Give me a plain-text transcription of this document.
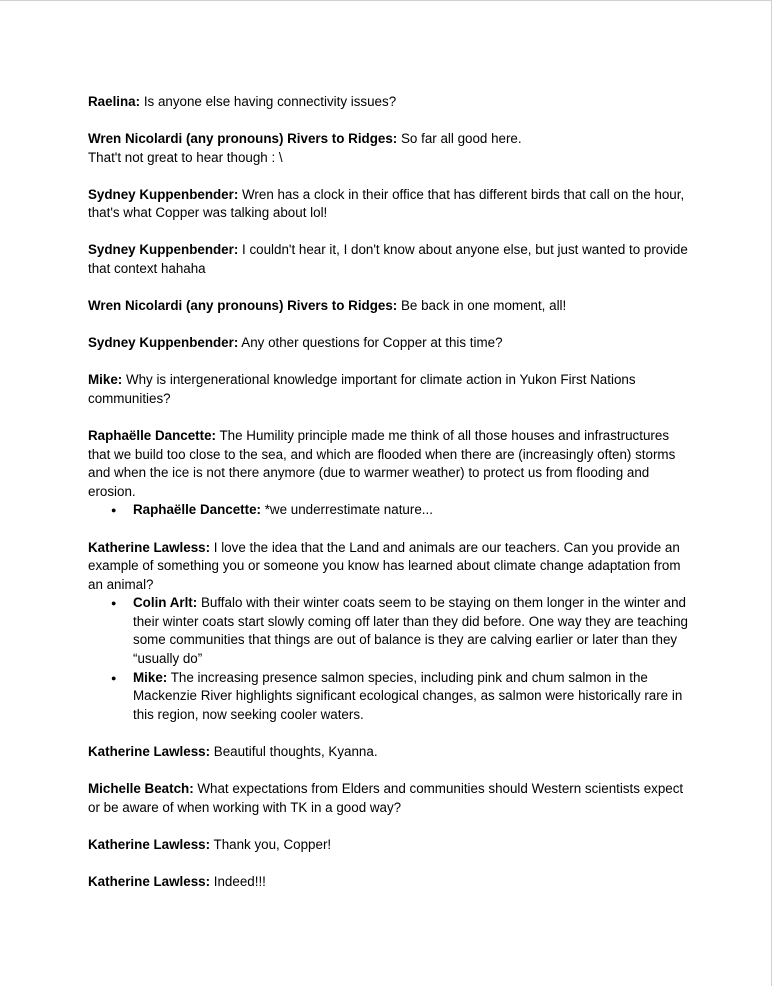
Raelina: Is anyone else having connectivity issues?

Wren Nicolardi (any pronouns) Rivers to Ridges: So far all good here.
That't not great to hear though : \

Sydney Kuppenbender: Wren has a clock in their office that has different birds that call on the hour, that's what Copper was talking about lol!

Sydney Kuppenbender: I couldn't hear it, I don't know about anyone else, but just wanted to provide that context hahaha

Wren Nicolardi (any pronouns) Rivers to Ridges: Be back in one moment, all!

Sydney Kuppenbender: Any other questions for Copper at this time?

Mike: Why is intergenerational knowledge important for climate action in Yukon First Nations communities?

Raphaëlle Dancette: The Humility principle made me think of all those houses and infrastructures that we build too close to the sea, and which are flooded when there are (increasingly often) storms and when the ice is not there anymore (due to warmer weather) to protect us from flooding and erosion.

● Raphaëlle Dancette: *we underrestimate nature...

Katherine Lawless: I love the idea that the Land and animals are our teachers. Can you provide an example of something you or someone you know has learned about climate change adaptation from an animal?

● Colin Arlt: Buffalo with their winter coats seem to be staying on them longer in the winter and their winter coats start slowly coming off later than they did before. One way they are teaching some communities that things are out of balance is they are calving earlier or later than they “usually do”
● Mike: The increasing presence salmon species, including pink and chum salmon in the Mackenzie River highlights significant ecological changes, as salmon were historically rare in this region, now seeking cooler waters.

Katherine Lawless: Beautiful thoughts, Kyanna.

Michelle Beatch: What expectations from Elders and communities should Western scientists expect or be aware of when working with TK in a good way?

Katherine Lawless: Thank you, Copper!

Katherine Lawless: Indeed!!!
